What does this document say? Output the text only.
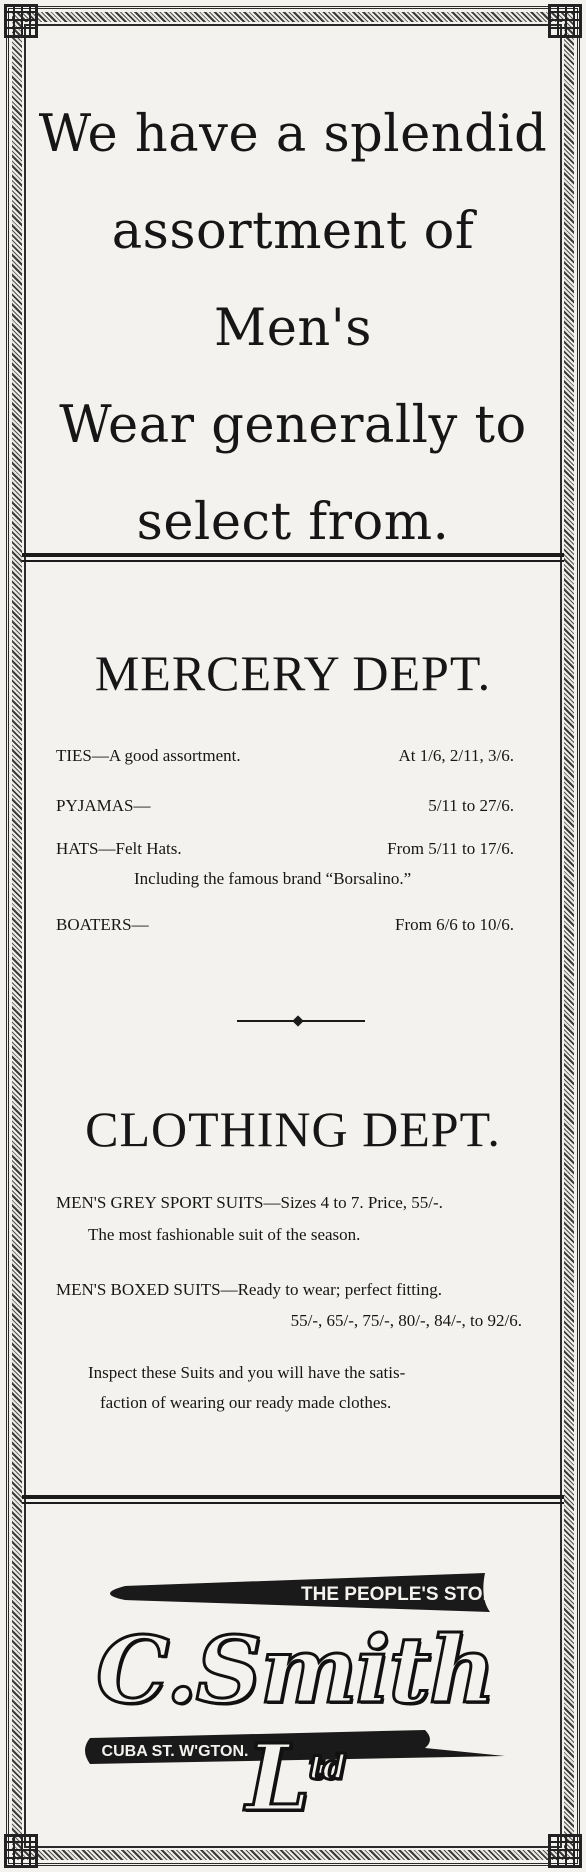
We have a splendid
assortment of Men's
Wear generally to
select from.
MERCERY DEPT.
TIES—A good assortment.	At 1/6, 2/11, 3/6.
PYJAMAS—	5/11 to 27/6.
HATS—Felt Hats.	From 5/11 to 17/6.
Including the famous brand “Borsalino.”
BOATERS—	From 6/6 to 10/6.
CLOTHING DEPT.
MEN'S GREY SPORT SUITS—Sizes 4 to 7. Price, 55/-.
The most fashionable suit of the season.
MEN'S BOXED SUITS—Ready to wear; perfect fitting.
55/-, 65/-, 75/-, 80/-, 84/-, to 92/6.
Inspect these Suits and you will have the satis-
faction of wearing our ready made clothes.
THE PEOPLE'S STORE
CUBA ST. W'GTON.
C.Smith $L^{td}$
